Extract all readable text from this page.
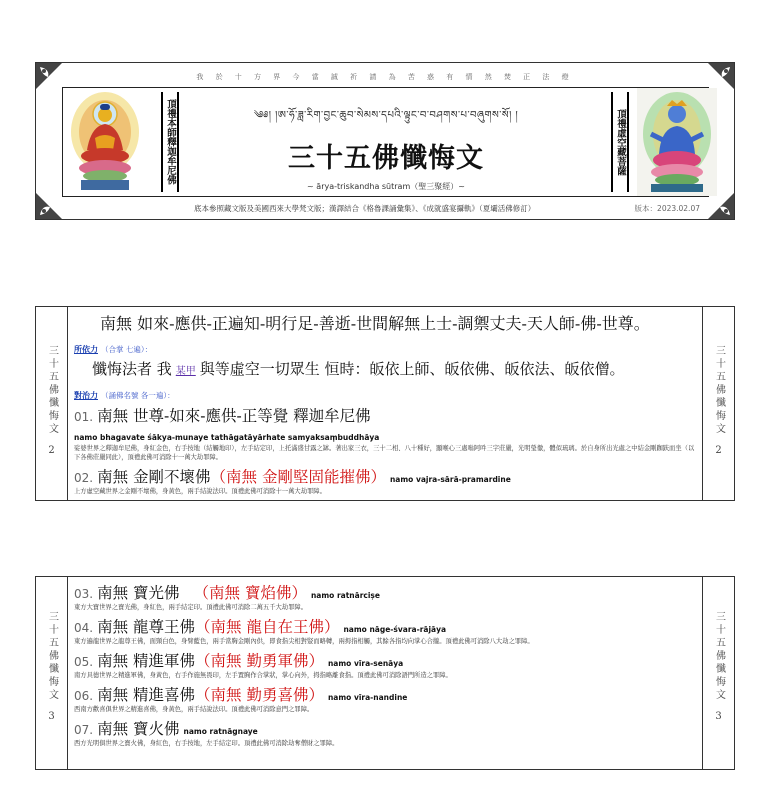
我 於 十 方 界 今 當 誠 祈 請 為 苦 惑 有 情 然 焚 正 法 燈
頂禮本師釋迦牟尼佛	༄༅། །ཨ་ཧོ་ཟླ་རིག་བྱང་ཆུབ་སེམས་དཔའི་ལྟུང་བ་བཤགས་པ་བཞུགས་སོ། །
三十五佛懺悔文
~ ārya-triskandha sūtram（聖三聚經）~
頂禮虛空藏菩薩
底本參照藏文版及美國西來大學梵文版；漢譯結合《格魯課誦彙集》、《成就盛宴攝軌》（夏壩活佛修訂）	版本：2023.02.07
三十五佛懺悔文
2
南無 如來-應供-正遍知-明行足-善逝-世間解無上士-調禦丈夫-天人師-佛-世尊。
所依力 （合掌 七遍）：
懺悔法者 我 某甲 與等虛空一切眾生 恒時：皈依上師、皈依佛、皈依法、皈依僧。
對治力 （誦佛名號 各一遍）：
01. 南無 世尊-如來-應供-正等覺 釋迦牟尼佛
namo bhagavate śākya-munaye tathāgatāyārhate samyaksaṃbuddhāya
娑婆世界之釋迦牟尼佛，身紅金色，右手按地（結觸地印），左手結定印，上托滿盛甘露之缽。著出家三衣，三十二相、八十種好，顯喉心三處嗡阿吽三字莊嚴，光明瑩徹，體似琉璃。於自身所出光處之中結金剛跏趺而坐（以下各佛莊嚴同此），頂禮此佛可消除十一萬大劫罪障。
02. 南無 金剛不壞佛（南無 金剛堅固能摧佛） namo vajra-sārā-pramardine
上方虛空藏世界之金剛不壞佛，身黃色，兩手結說法印。頂禮此佛可消除十一萬大劫罪障。
三十五佛懺悔文
2
三十五佛懺悔文
3
03. 南無 寶光佛 （南無 寶焰佛） namo ratnārcișe
東方大寶世界之寶光佛，身紅色，兩手結定印。頂禮此佛可消除二萬五千大劫罪障。
04. 南無 龍尊王佛（南無 龍自在王佛） namo nāge-śvara-rājāya
東方遍龍世界之龍尊王佛，面頸白色，身臂藍色，兩手當胸金剛內供，即食指尖相對豎而略轉，兩拇指相觸，其餘各指均向掌心合攏。頂禮此佛可消除八大劫之罪障。
05. 南無 精進軍佛（南無 勤勇軍佛） namo vīra-senāya
南方具德世界之精進軍佛，身黃色，右手作施無畏印，左手置胸作合掌狀，掌心向外，拇指略離食指。頂禮此佛可消除語門所造之罪障。
06. 南無 精進喜佛（南無 勤勇喜佛） namo vīra-nandine
西南方歡喜俱世界之精進喜佛，身黃色，兩手結說法印。頂禮此佛可消除意門之罪障。
07. 南無 寶火佛 namo ratnāgnaye
西方光明俱世界之寶火佛，身紅色，右手按地，左手結定印。頂禮此佛可消除劫奪僧財之罪障。
三十五佛懺悔文
3
